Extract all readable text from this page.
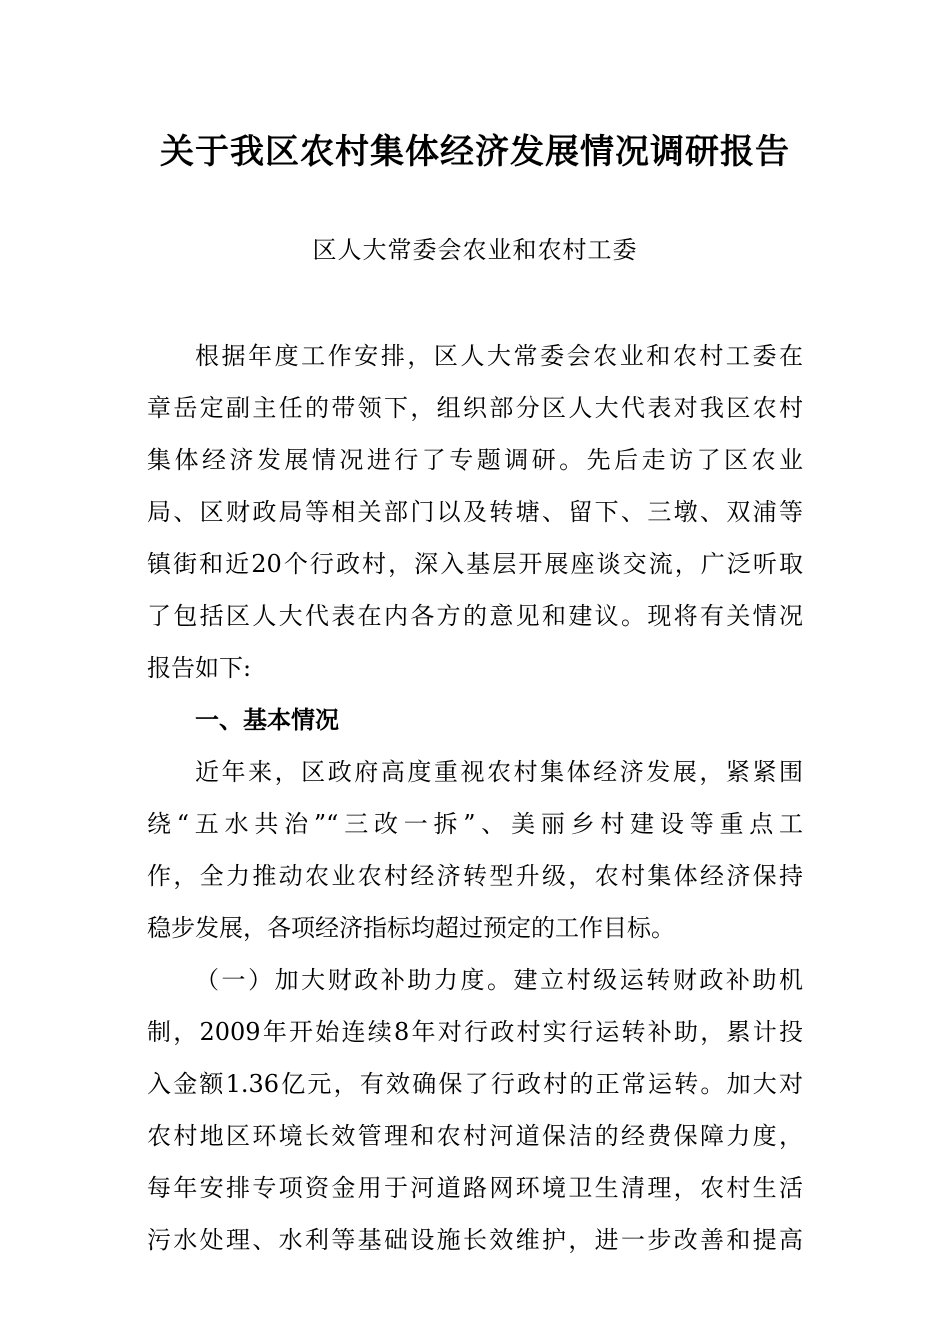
关于我区农村集体经济发展情况调研报告
区人大常委会农业和农村工委
根据年度工作安排，区人大常委会农业和农村工委在
章岳定副主任的带领下，组织部分区人大代表对我区农村
集体经济发展情况进行了专题调研。先后走访了区农业
局、区财政局等相关部门以及转塘、留下、三墩、双浦等
镇街和近20个行政村，深入基层开展座谈交流，广泛听取
了包括区人大代表在内各方的意见和建议。现将有关情况
报告如下:
一、基本情况
近年来，区政府高度重视农村集体经济发展，紧紧围
绕“五水共治”“三改一拆”、美丽乡村建设等重点工
作，全力推动农业农村经济转型升级，农村集体经济保持
稳步发展，各项经济指标均超过预定的工作目标。
（一）加大财政补助力度。建立村级运转财政补助机
制，2009年开始连续8年对行政村实行运转补助，累计投
入金额1.36亿元，有效确保了行政村的正常运转。加大对
农村地区环境长效管理和农村河道保洁的经费保障力度，
每年安排专项资金用于河道路网环境卫生清理，农村生活
污水处理、水利等基础设施长效维护，进一步改善和提高
